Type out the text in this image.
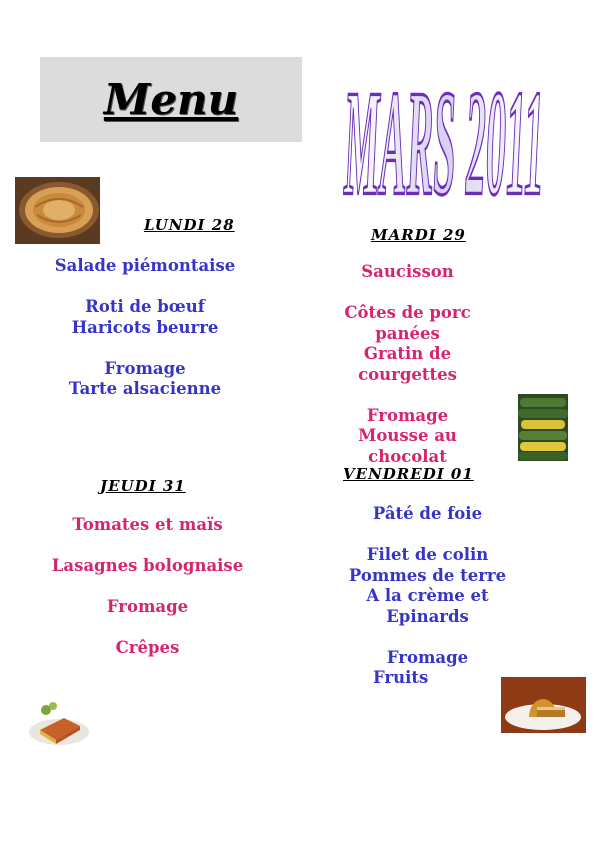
Menu	MARS 2011
LUNDI 28
Salade piémontaise
Roti de bœuf
Haricots beurre
Fromage
Tarte alsacienne
MARDI 29
Saucisson
Côtes de porc panées
Gratin de courgettes
Fromage
Mousse au
chocolat
JEUDI 31
Tomates et maïs
Lasagnes bolognaise
Fromage
Crêpes
VENDREDI 01
Pâté de foie
Filet de colin
Pommes de terre
A la crème et
Epinards
Fromage
Fruits
